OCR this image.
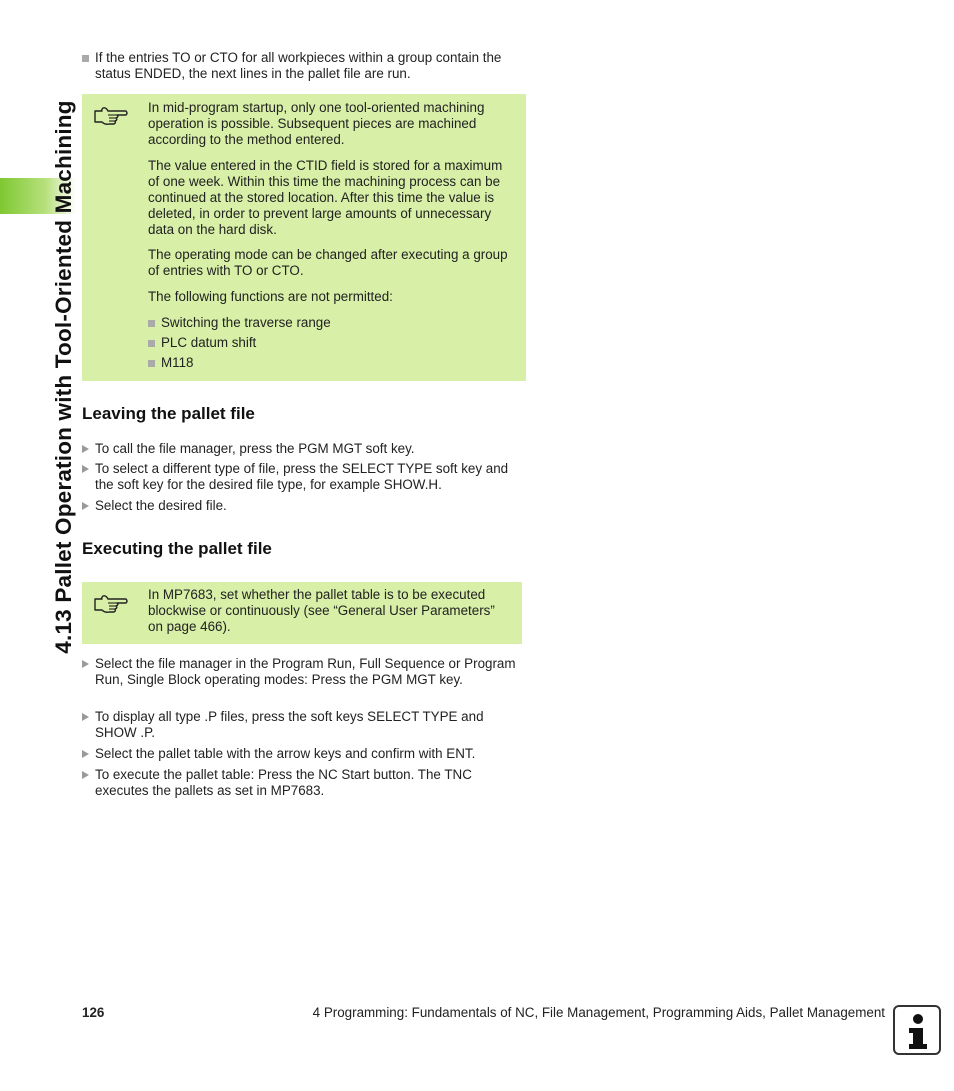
4.13 Pallet Operation with Tool-Oriented Machining
If the entries TO or CTO for all workpieces within a group contain the status ENDED, the next lines in the pallet file are run.

In mid-program startup, only one tool-oriented machining operation is possible. Subsequent pieces are machined according to the method entered.

The value entered in the CTID field is stored for a maximum of one week. Within this time the machining process can be continued at the stored location. After this time the value is deleted, in order to prevent large amounts of unnecessary data on the hard disk.

The operating mode can be changed after executing a group of entries with TO or CTO.

The following functions are not permitted:

Switching the traverse range
PLC datum shift
M118
Leaving the pallet file
To call the file manager, press the PGM MGT soft key.
To select a different type of file, press the SELECT TYPE soft key and the soft key for the desired file type, for example SHOW.H.
Select the desired file.
Executing the pallet file

In MP7683, set whether the pallet table is to be executed blockwise or continuously (see “General User Parameters” on page 466).

Select the file manager in the Program Run, Full Sequence or Program Run, Single Block operating modes: Press the PGM MGT key.
To display all type .P files, press the soft keys SELECT TYPE and SHOW .P.
Select the pallet table with the arrow keys and confirm with ENT.
To execute the pallet table: Press the NC Start button. The TNC executes the pallets as set in MP7683.
126	4 Programming: Fundamentals of NC, File Management, Programming Aids, Pallet Management
